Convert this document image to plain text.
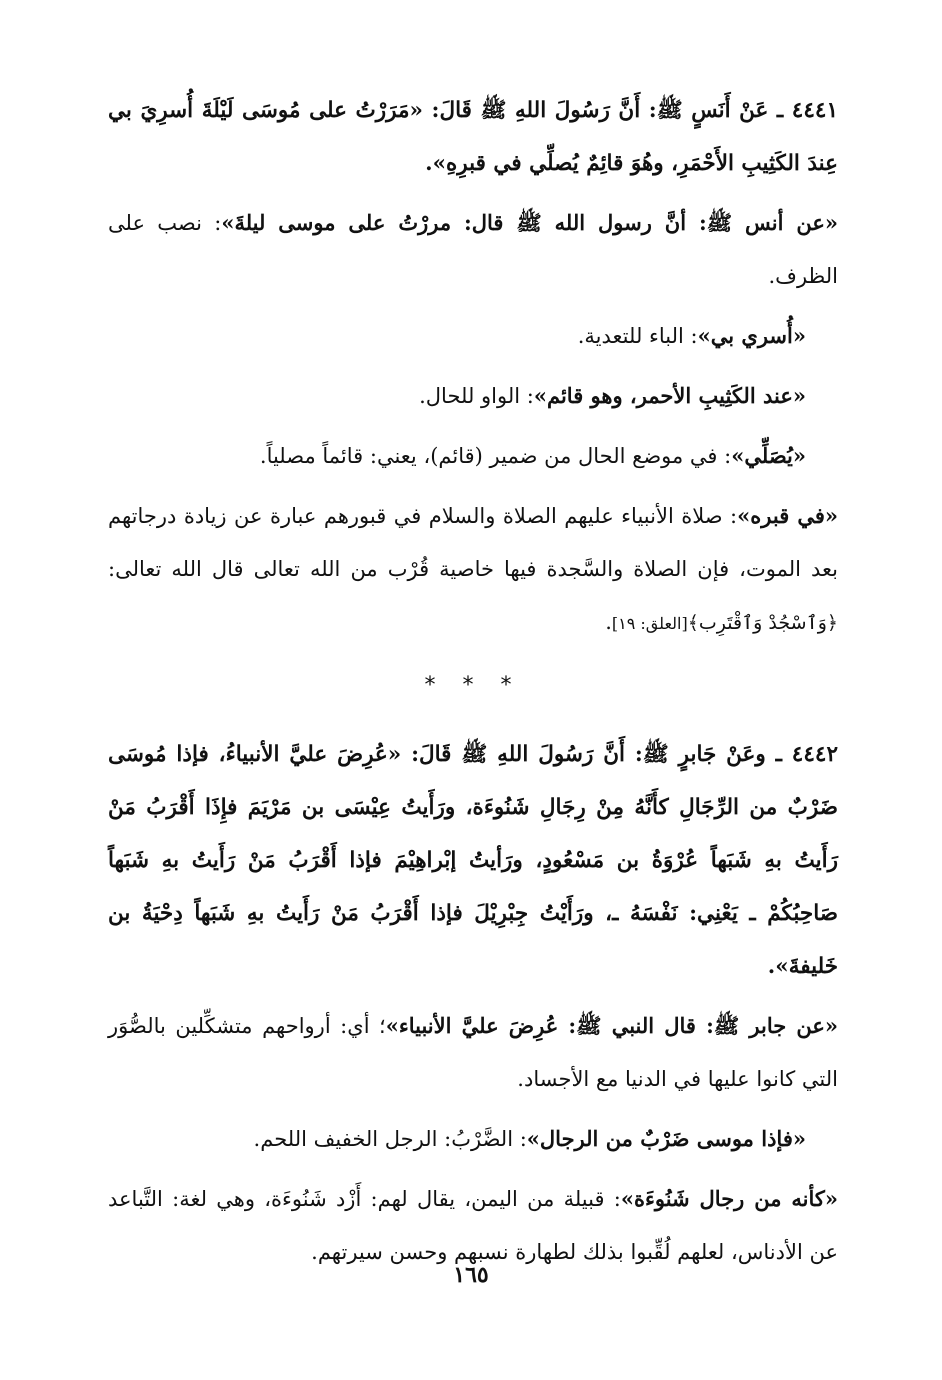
٤٤٤١ ـ عَنْ أَنَسٍ ﷺ: أَنَّ رَسُولَ اللهِ ﷺ قَالَ: «مَرَرْتُ على مُوسَى لَيْلَةَ أُسرِيَ بي عِندَ الكَثِيبِ الأَحْمَرِ، وهُوَ قائِمٌ يُصلِّي في قبرِهِ».

«عن أنس ﷺ: أنَّ رسول الله ﷺ قال: مررْتُ على موسى ليلةَ»: نصب على الظرف.

«أُسري بي»: الباء للتعدية.

«عند الكَثِيبِ الأحمر، وهو قائم»: الواو للحال.

«يُصَلِّي»: في موضع الحال من ضمير (قائم)، يعني: قائماً مصلياً.

«في قبره»: صلاة الأنبياء عليهم الصلاة والسلام في قبورهم عبارة عن زيادة درجاتهم بعد الموت، فإن الصلاة والسَّجدة فيها خاصية قُرْب من الله تعالى قال الله تعالى: ﴿وَٱسْجُدْ وَٱقْتَرِب﴾[العلق: ١٩].

* * *

٤٤٤٢ ـ وعَنْ جَابرٍ ﷺ: أَنَّ رَسُولَ اللهِ ﷺ قَالَ: «عُرِضَ عليَّ الأنبياءُ، فإذا مُوسَى ضَرْبٌ من الرِّجَالِ كأَنَّهُ مِنْ رِجَالِ شَنُوءَة، ورَأَيتُ عِيْسَى بن مَرْيَمَ فإِذَا أَقْرَبُ مَنْ رَأَيتُ بهِ شَبَهاً عُرْوَةُ بن مَسْعُودٍ، ورَأيتُ إبْراهِيْمَ فإذا أَقْرَبُ مَنْ رَأَيتُ بهِ شَبَهاً صَاحِبُكُمْ ـ يَعْنِي: نَفْسَهُ ـ، ورَأَيْتُ جِبْرِيْلَ فإذا أَقْرَبُ مَنْ رَأَيتُ بهِ شَبَهاً دِحْيَةُ بن خَليفةَ».

«عن جابر ﷺ: قال النبي ﷺ: عُرِضَ عليَّ الأنبياء»؛ أي: أرواحهم متشكِّلين بالصُّوَر التي كانوا عليها في الدنيا مع الأجساد.

«فإذا موسى ضَرْبٌ من الرجال»: الضَّرْبُ: الرجل الخفيف اللحم.

«كأنه من رجال شَنُوءَة»: قبيلة من اليمن، يقال لهم: أَزْد شَنُوءَة، وهي لغة: التَّباعد عن الأدناس، لعلهم لُقِّبوا بذلك لطهارة نسبهم وحسن سيرتهم.

١٦٥
